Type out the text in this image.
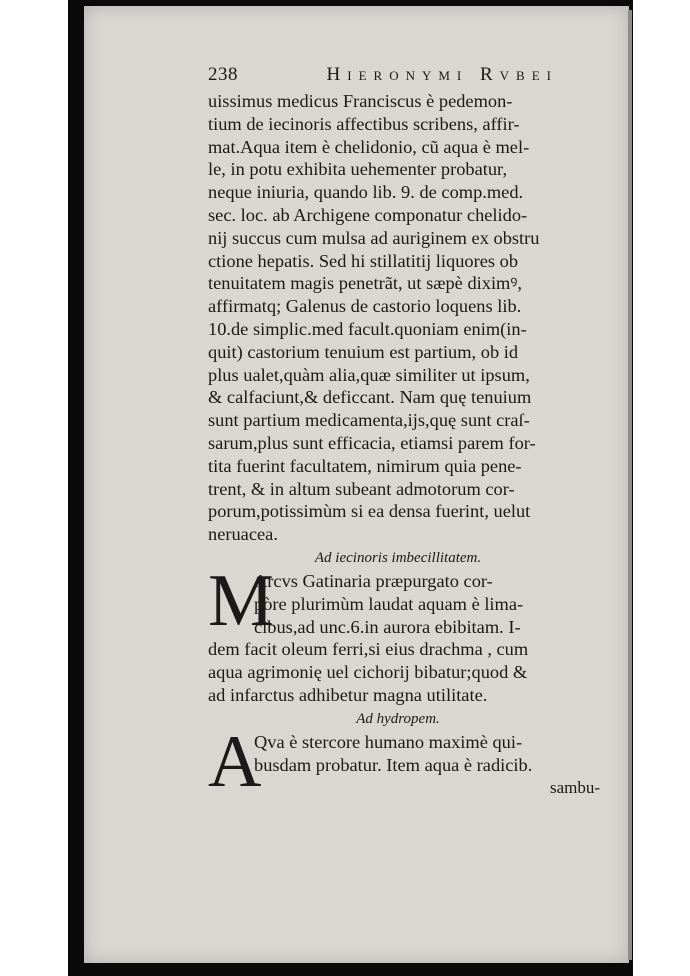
238	Hieronymi Rvbei
uissimus medicus Franciscus è pedemon-
tium de iecinoris affectibus scribens, affir-
mat.Aqua item è chelidonio, cũ aqua è mel-
le, in potu exhibita uehementer probatur,
neque iniuria, quando lib. 9. de comp.med.
sec. loc. ab Archigene componatur chelido-
nij succus cum mulsa ad auriginem ex obstru
ctione hepatis. Sed hi stillatitij liquores ob
tenuitatem magis penetrãt, ut sæpè diximꝰ,
affirmatq; Galenus de castorio loquens lib.
10.de simplic.med facult.quoniam enim(in-
quit) castorium tenuium est partium, ob id
plus ualet,quàm alia,quæ similiter ut ipsum,
& calfaciunt,& deficcant. Nam quę tenuium
sunt partium medicamenta,ijs,quę sunt craſ-
sarum,plus sunt efficacia, etiamsi parem for-
tita fuerint facultatem, nimirum quia pene-
trent, & in altum subeant admotorum cor-
porum,potissimùm si ea densa fuerint, uelut
neruacea.
Ad iecinoris imbecillitatem.
M
Arcvs Gatinaria præpurgato cor-
pòre plurimùm laudat aquam è lima-
cibus,ad unc.6.in aurora ebibitam. I-
dem facit oleum ferri,si eius drachma , cum
aqua agrimonię uel cichorij bibatur;quod &
ad infarctus adhibetur magna utilitate.
Ad hydropem.
A
Qva è stercore humano maximè qui-
busdam probatur. Item aqua è radicib.
sambu-
